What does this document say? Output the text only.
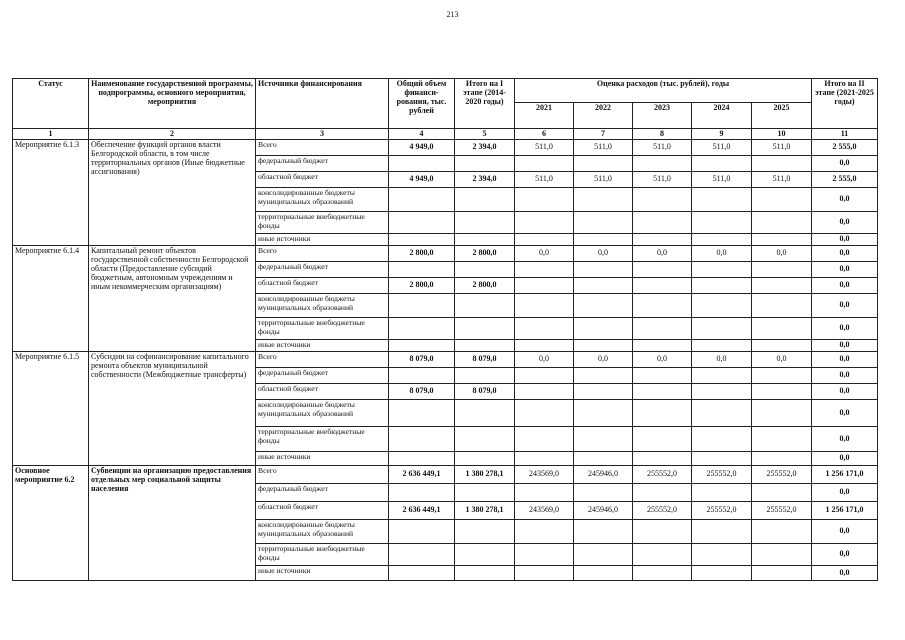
213
Статус	Наименование государственной программы, подпрограммы, основного мероприятия, мероприятия	Источники финансирования	Общий объем финанси-рования, тыс. рублей	Итого на I этапе (2014-2020 годы)	Оценка расходов (тыс. рублей), годы					Итого на II этапе (2021-2025 годы)
					2021	2022	2023	2024	2025	
1	2	3	4	5	6	7	8	9	10	11
Мероприятие 6.1.3	Обеспечение функций органов власти Белгородской области, в том числе территориальных органов (Иные бюджетные ассигнования)	Всего	4 949,0	2 394,0	511,0	511,0	511,0	511,0	511,0	2 555,0
		федеральный бюджет								0,0
		областной бюджет	4 949,0	2 394,0	511,0	511,0	511,0	511,0	511,0	2 555,0
		консолидированные бюджеты муниципальных образований								0,0
		территориальные внебюджетные фонды								0,0
		иные источники								0,0
Мероприятие 6.1.4	Капитальный ремонт объектов государственной собственности Белгородской области (Предоставление субсидий бюджетным, автономным учреждениям и иным некоммерческим организациям)	Всего	2 800,0	2 800,0	0,0	0,0	0,0	0,0	0,0	0,0
		федеральный бюджет								0,0
		областной бюджет	2 800,0	2 800,0						0,0
		консолидированные бюджеты муниципальных образований								0,0
		территориальные внебюджетные фонды								0,0
		иные источники								0,0
Мероприятие 6.1.5	Субсидии на софинансирование капитального ремонта объектов муниципальной собственности (Межбюджетные трансферты)	Всего	8 079,0	8 079,0	0,0	0,0	0,0	0,0	0,0	0,0
		федеральный бюджет								0,0
		областной бюджет	8 079,0	8 079,0						0,0
		консолидированные бюджеты муниципальных образований								0,0
		территориальные внебюджетные фонды								0,0
		иные источники								0,0
Основное мероприятие 6.2	Субвенции на организацию предоставления отдельных мер социальной защиты населения	Всего	2 636 449,1	1 380 278,1	243569,0	245946,0	255552,0	255552,0	255552,0	1 256 171,0
		федеральный бюджет								0,0
		областной бюджет	2 636 449,1	1 380 278,1	243569,0	245946,0	255552,0	255552,0	255552,0	1 256 171,0
		консолидированные бюджеты муниципальных образований								0,0
		территориальные внебюджетные фонды								0,0
		иные источники								0,0
